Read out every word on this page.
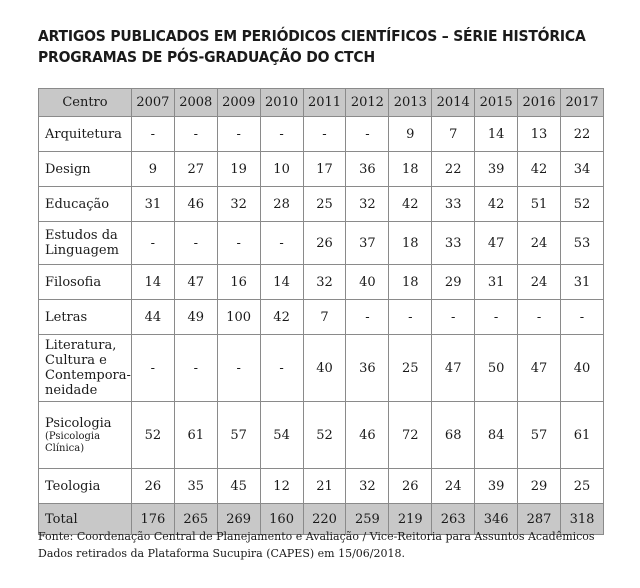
ARTIGOS PUBLICADOS EM PERIÓDICOS CIENTÍFICOS – SÉRIE HISTÓRICA
PROGRAMAS DE PÓS-GRADUAÇÃO DO CTCH
Centro	2007	2008	2009	2010	2011	2012	2013	2014	2015	2016	2017

Arquitetura	-	-	-	-	-	-	9	7	14	13	22

Design	9	27	19	10	17	36	18	22	39	42	34

Educação	31	46	32	28	25	32	42	33	42	51	52

Estudos da
Linguagem	-	-	-	-	26	37	18	33	47	24	53

Filosofia	14	47	16	14	32	40	18	29	31	24	31

Letras	44	49	100	42	7	-	-	-	-	-	-

Literatura,
Cultura e
Contempora-
neidade	-	-	-	-	40	36	25	47	50	47	40

Psicologia
(Psicologia
Clínica)	52	61	57	54	52	46	72	68	84	57	61

Teologia	26	35	45	12	21	32	26	24	39	29	25
Total	176	265	269	160	220	259	219	263	346	287	318
Fonte: Coordenação Central de Planejamento e Avaliação / Vice-Reitoria para Assuntos Acadêmicos
Dados retirados da Plataforma Sucupira (CAPES) em 15/06/2018.
